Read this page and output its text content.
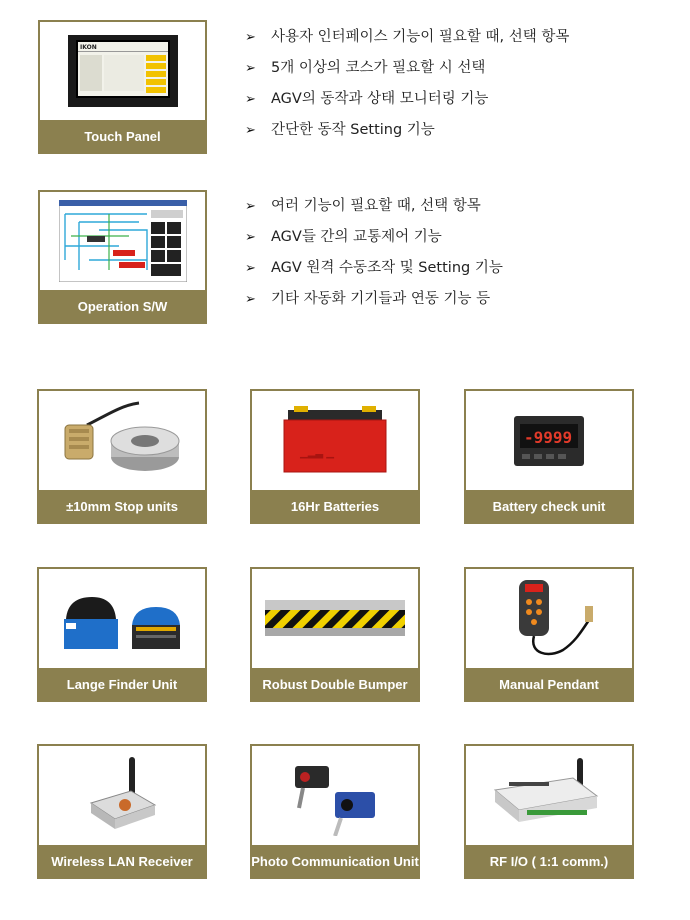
IKON
Touch Panel
➢	사용자 인터페이스 기능이 필요할 때, 선택 항목
➢	5개 이상의 코스가 필요할 시 선택
➢	AGV의 동작과 상태 모니터링 기능
➢	간단한 동작 Setting 기능
Operation S/W
➢	여러 기능이 필요할 때, 선택 항목
➢	AGV들 간의 교통제어 기능
➢	AGV 원격 수동조작 및 Setting 기능
➢	기타 자동화 기기들과 연동 기능 등
±10mm Stop units
▁▂▃ ▁
16Hr Batteries
-9999
Battery check unit
Lange Finder Unit	Robust Double Bumper	Manual Pendant
Wireless LAN Receiver	Photo Communication Unit	RF I/O ( 1:1 comm.)
